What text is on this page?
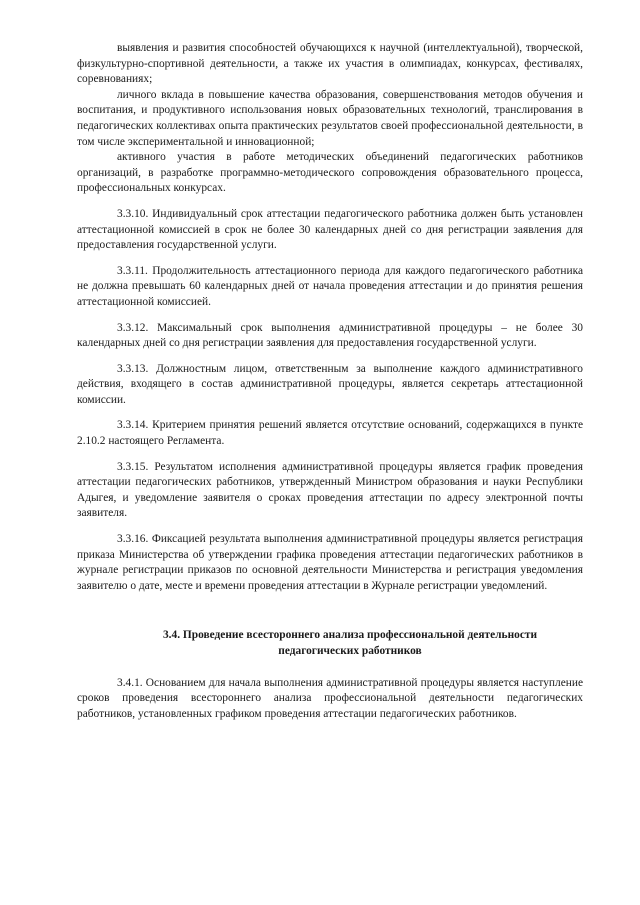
выявления и развития способностей обучающихся к научной (интеллектуальной), творческой, физкультурно-спортивной деятельности, а также их участия в олимпиадах, конкурсах, фестивалях, соревнованиях;

личного вклада в повышение качества образования, совершенствования методов обучения и воспитания, и продуктивного использования новых образовательных технологий, транслирования в педагогических коллективах опыта практических результатов своей профессиональной деятельности, в том числе экспериментальной и инновационной;

активного участия в работе методических объединений педагогических работников организаций, в разработке программно-методического сопровождения образовательного процесса, профессиональных конкурсах.

3.3.10. Индивидуальный срок аттестации педагогического работника должен быть установлен аттестационной комиссией в срок не более 30 календарных дней со дня регистрации заявления для предоставления государственной услуги.

3.3.11. Продолжительность аттестационного периода для каждого педагогического работника не должна превышать 60 календарных дней от начала проведения аттестации и до принятия решения аттестационной комиссией.

3.3.12. Максимальный срок выполнения административной процедуры – не более 30 календарных дней со дня регистрации заявления для предоставления государственной услуги.

3.3.13. Должностным лицом, ответственным за выполнение каждого административного действия, входящего в состав административной процедуры, является секретарь аттестационной комиссии.

3.3.14. Критерием принятия решений является отсутствие оснований, содержащихся в пункте 2.10.2 настоящего Регламента.

3.3.15. Результатом исполнения административной процедуры является график проведения аттестации педагогических работников, утвержденный Министром образования и науки Республики Адыгея, и уведомление заявителя о сроках проведения аттестации по адресу электронной почты заявителя.

3.3.16. Фиксацией результата выполнения административной процедуры является регистрация приказа Министерства об утверждении графика проведения аттестации педагогических работников в журнале регистрации приказов по основной деятельности Министерства и регистрация уведомления заявителю о дате, месте и времени проведения аттестации в Журнале регистрации уведомлений.

3.4. Проведение всестороннего анализа профессиональной деятельности
педагогических работников

3.4.1. Основанием для начала выполнения административной процедуры является наступление сроков проведения всестороннего анализа профессиональной деятельности педагогических работников, установленных графиком проведения аттестации педагогических работников.
